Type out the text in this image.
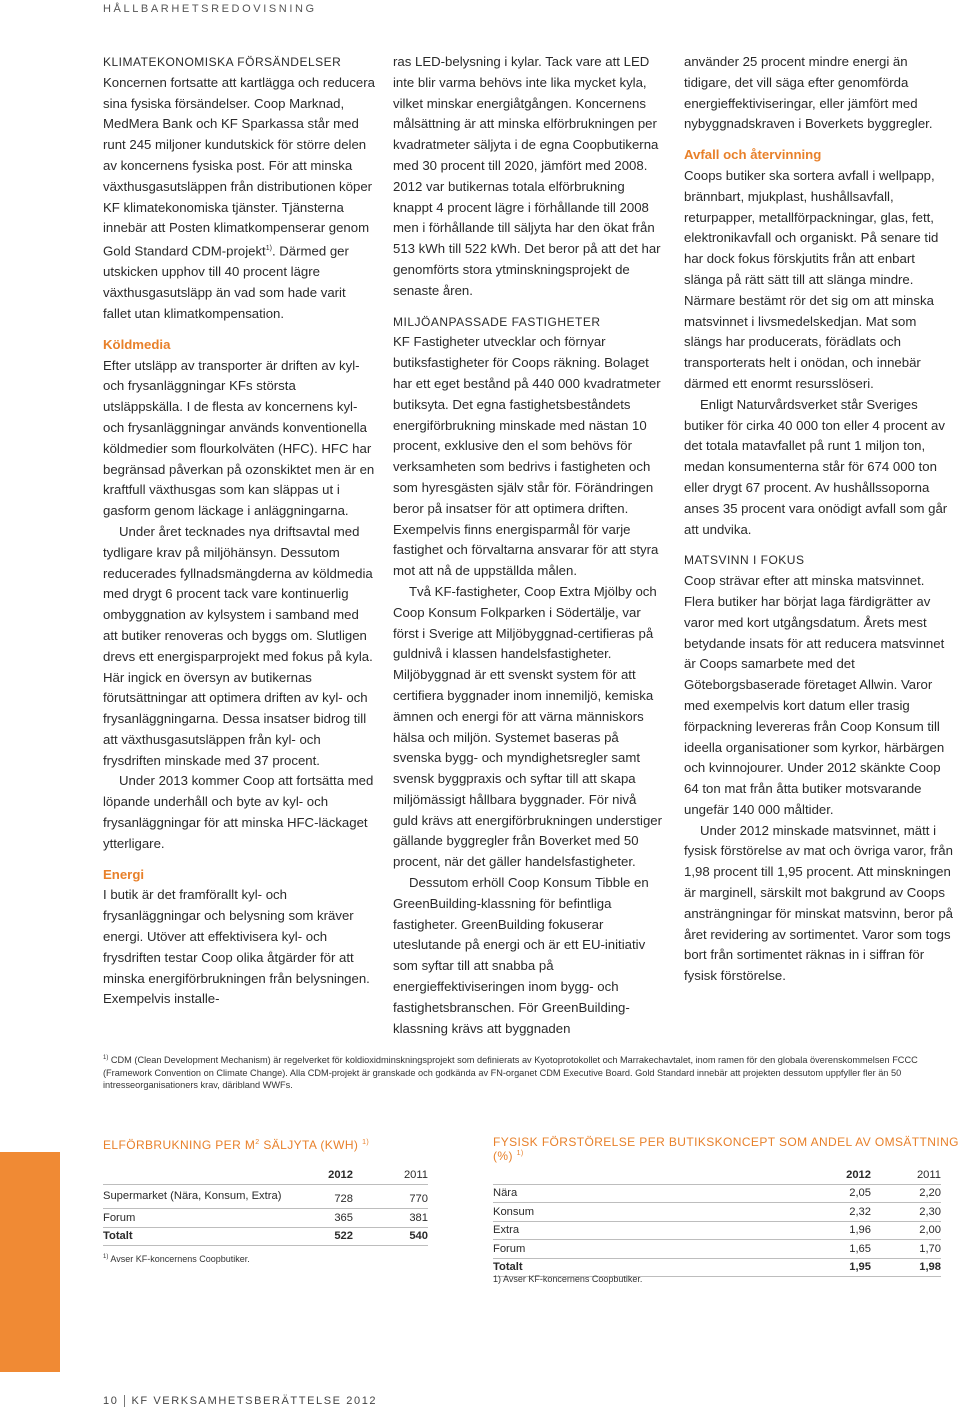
HÅLLBARHETSREDOVISNING

KLIMATEKONOMISKA FÖRSÄNDELSER

Koncernen fortsatte att kartlägga och reducera sina fysiska försändelser. Coop Marknad, MedMera Bank och KF Sparkassa står med runt 245 miljoner kundutskick för större delen av koncernens fysiska post. För att minska växthusgasutsläppen från distributionen köper KF klimatekonomiska tjänster. Tjänsterna innebär att Posten klimatkompenserar genom Gold Standard CDM-projekt$^{1)}$. Därmed ger utskicken upphov till 40 procent lägre växthusgasutsläpp än vad som hade varit fallet utan klimatkompensation.

Köldmedia

Efter utsläpp av transporter är driften av kyl- och frysanläggningar KFs största utsläppskälla. I de flesta av koncernens kyl- och frysanläggningar används konventionella köldmedier som flourkolväten (HFC). HFC har begränsad påverkan på ozonskiktet men är en kraftfull växthusgas som kan släppas ut i gasform genom läckage i anläggningarna.

Under året tecknades nya driftsavtal med tydligare krav på miljöhänsyn. Dessutom reducerades fyllnadsmängderna av köldmedia med drygt 6 procent tack vare kontinuerlig ombyggnation av kylsystem i samband med att butiker renoveras och byggs om. Slutligen drevs ett energisparprojekt med fokus på kyla. Här ingick en översyn av butikernas förutsättningar att optimera driften av kyl- och frysanläggningarna. Dessa insatser bidrog till att växthusgasutsläppen från kyl- och frysdriften minskade med 37 procent.

Under 2013 kommer Coop att fortsätta med löpande underhåll och byte av kyl- och frysanläggningar för att minska HFC-läckaget ytterligare.

Energi

I butik är det framförallt kyl- och frysanläggningar och belysning som kräver energi. Utöver att effektivisera kyl- och frysdriften testar Coop olika åtgärder för att minska energiförbrukningen från belysningen. Exempelvis installe-

ras LED-belysning i kylar. Tack vare att LED inte blir varma behövs inte lika mycket kyla, vilket minskar energiåtgången. Koncernens målsättning är att minska elförbrukningen per kvadratmeter säljyta i de egna Coopbutikerna med 30 procent till 2020, jämfört med 2008. 2012 var butikernas totala elförbrukning knappt 4 procent lägre i förhållande till 2008 men i förhållande till säljyta har den ökat från 513 kWh till 522 kWh. Det beror på att det har genomförts stora ytminskningsprojekt de senaste åren.

MILJÖANPASSADE FASTIGHETER

KF Fastigheter utvecklar och förnyar butiksfastigheter för Coops räkning. Bolaget har ett eget bestånd på 440 000 kvadratmeter butiksyta. Det egna fastighetsbeståndets energiförbrukning minskade med nästan 10 procent, exklusive den el som behövs för verksamheten som bedrivs i fastigheten och som hyresgästen själv står för. Förändringen beror på insatser för att optimera driften. Exempelvis finns energisparmål för varje fastighet och förvaltarna ansvarar för att styra mot att nå de uppställda målen.

Två KF-fastigheter, Coop Extra Mjölby och Coop Konsum Folkparken i Södertälje, var först i Sverige att Miljöbyggnad-certifieras på guldnivå i klassen handelsfastigheter. Miljöbyggnad är ett svenskt system för att certifiera byggnader inom innemiljö, kemiska ämnen och energi för att värna människors hälsa och miljön. Systemet baseras på svenska bygg- och myndighetsregler samt svensk byggpraxis och syftar till att skapa miljömässigt hållbara byggnader. För nivå guld krävs att energiförbrukningen understiger gällande byggregler från Boverket med 50 procent, när det gäller handelsfastigheter.

Dessutom erhöll Coop Konsum Tibble en GreenBuilding-klassning för befintliga fastigheter. GreenBuilding fokuserar uteslutande på energi och är ett EU-initiativ som syftar till att snabba på energieffektiviseringen inom bygg- och fastighetsbranschen. För GreenBuilding-klassning krävs att byggnaden

använder 25 procent mindre energi än tidigare, det vill säga efter genomförda energieffektiviseringar, eller jämfört med nybyggnadskraven i Boverkets byggregler.

Avfall och återvinning

Coops butiker ska sortera avfall i wellpapp, brännbart, mjukplast, hushållsavfall, returpapper, metallförpackningar, glas, fett, elektronikavfall och organiskt. På senare tid har dock fokus förskjutits från att enbart slänga på rätt sätt till att slänga mindre. Närmare bestämt rör det sig om att minska matsvinnet i livsmedelskedjan. Mat som slängs har producerats, förädlats och transporterats helt i onödan, och innebär därmed ett enormt resursslöseri.

Enligt Naturvårdsverket står Sveriges butiker för cirka 40 000 ton eller 4 procent av det totala matavfallet på runt 1 miljon ton, medan konsumenterna står för 674 000 ton eller drygt 67 procent. Av hushållssoporna anses 35 procent vara onödigt avfall som går att undvika.

MATSVINN I FOKUS

Coop strävar efter att minska matsvinnet. Flera butiker har börjat laga färdigrätter av varor med kort utgångsdatum. Årets mest betydande insats för att reducera matsvinnet är Coops samarbete med det Göteborgsbaserade företaget Allwin. Varor med exempelvis kort datum eller trasig förpackning levereras från Coop Konsum till ideella organisationer som kyrkor, härbärgen och kvinnojourer. Under 2012 skänkte Coop 64 ton mat från åtta butiker motsvarande ungefär 140 000 måltider.

Under 2012 minskade matsvinnet, mätt i fysisk förstörelse av mat och övriga varor, från 1,98 procent till 1,95 procent. Att minskningen är marginell, särskilt mot bakgrund av Coops ansträngningar för minskat matsvinn, beror på året revidering av sortimentet. Varor som togs bort från sortimentet räknas in i siffran för fysisk förstörelse.

$^{1)}$ CDM (Clean Development Mechanism) är regelverket för koldioxidminskningsprojekt som definierats av Kyotoprotokollet och Marrakechavtalet, inom ramen för den globala överenskommelsen FCCC (Framework Convention on Climate Change). Alla CDM-projekt är granskade och godkända av FN-organet CDM Executive Board. Gold Standard innebär att projekten dessutom uppfyller fler än 50 intresseorganisationers krav, däribland WWFs.
ELFÖRBRUKNING PER $M^2$ SÄLJYTA (KWH) $^{1)}$
	2012	2011
Supermarket (Nära, Konsum, Extra)	728	770
Forum	365	381
Totalt	522	540
$^{1)}$ Avser KF-koncernens Coopbutiker.
FYSISK FÖRSTÖRELSE PER BUTIKSKONCEPT SOM ANDEL AV OMSÄTTNING (%) $^{1)}$
	2012	2011
Nära	2,05	2,20
Konsum	2,32	2,30
Extra	1,96	2,00
Forum	1,65	1,70
Totalt	1,95	1,98
1) Avser KF-koncernens Coopbutiker.
10 KF VERKSAMHETSBERÄTTELSE 2012
